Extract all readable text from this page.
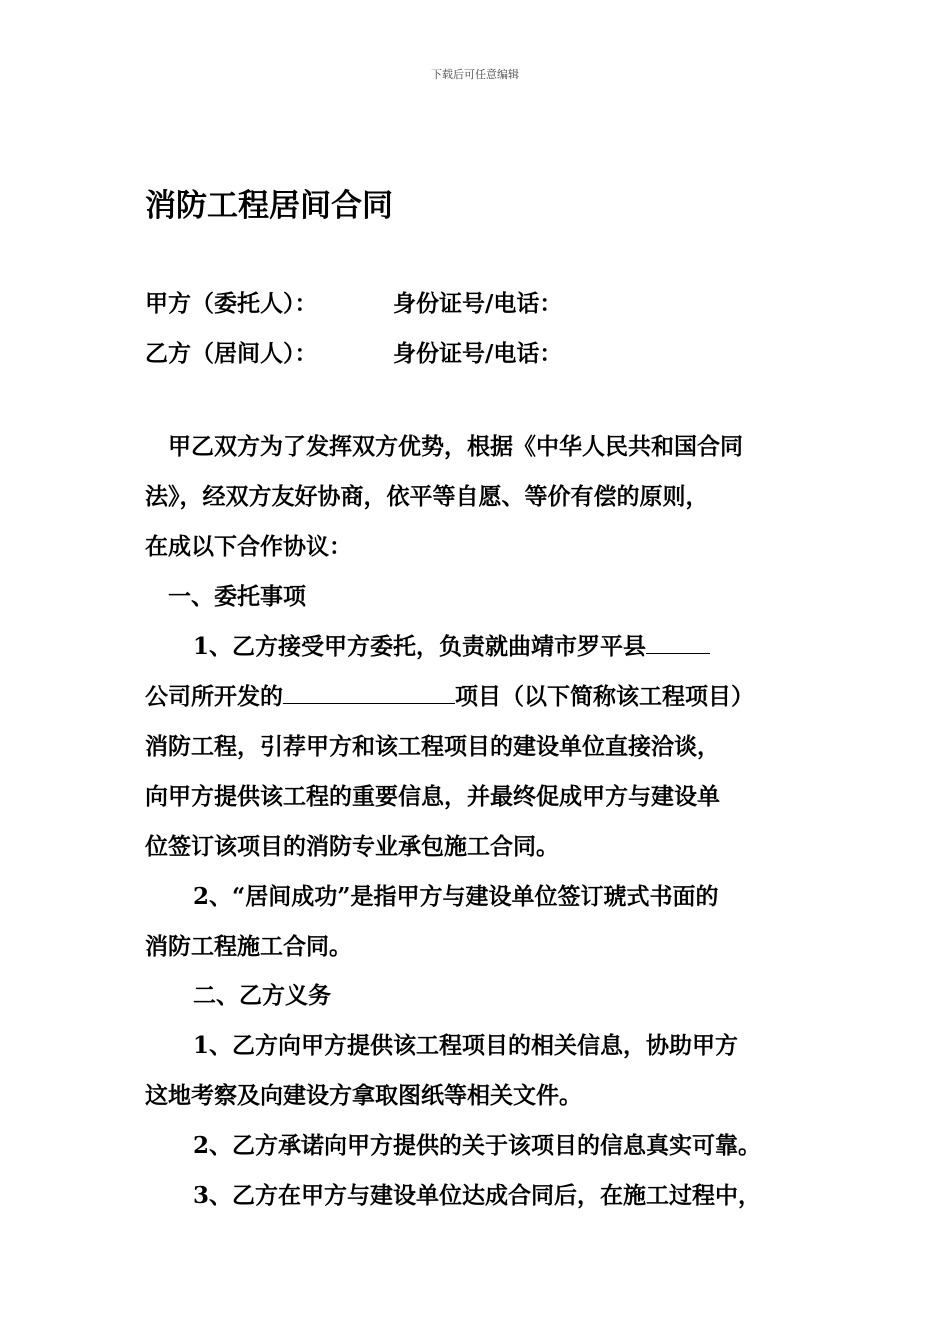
下载后可任意编辑
消防工程居间合同
甲方（委托人）：	身份证号/电话：
乙方（居间人）：	身份证号/电话：
甲乙双方为了发挥双方优势，根据《中华人民共和国合同
法》，经双方友好协商，依平等自愿、等价有偿的原则，
在成以下合作协议：
一、委托事项
1、乙方接受甲方委托，负责就曲靖市罗平县
公司所开发的	项目（以下简称该工程项目）
消防工程，引荐甲方和该工程项目的建设单位直接洽谈，
向甲方提供该工程的重要信息，并最终促成甲方与建设单
位签订该项目的消防专业承包施工合同。
2、“居间成功”是指甲方与建设单位签订琥式书面的
消防工程施工合同。
二、乙方义务
1、乙方向甲方提供该工程项目的相关信息，协助甲方
这地考察及向建设方拿取图纸等相关文件。
2、乙方承诺向甲方提供的关于该项目的信息真实可靠。
3、乙方在甲方与建设单位达成合同后，在施工过程中，
